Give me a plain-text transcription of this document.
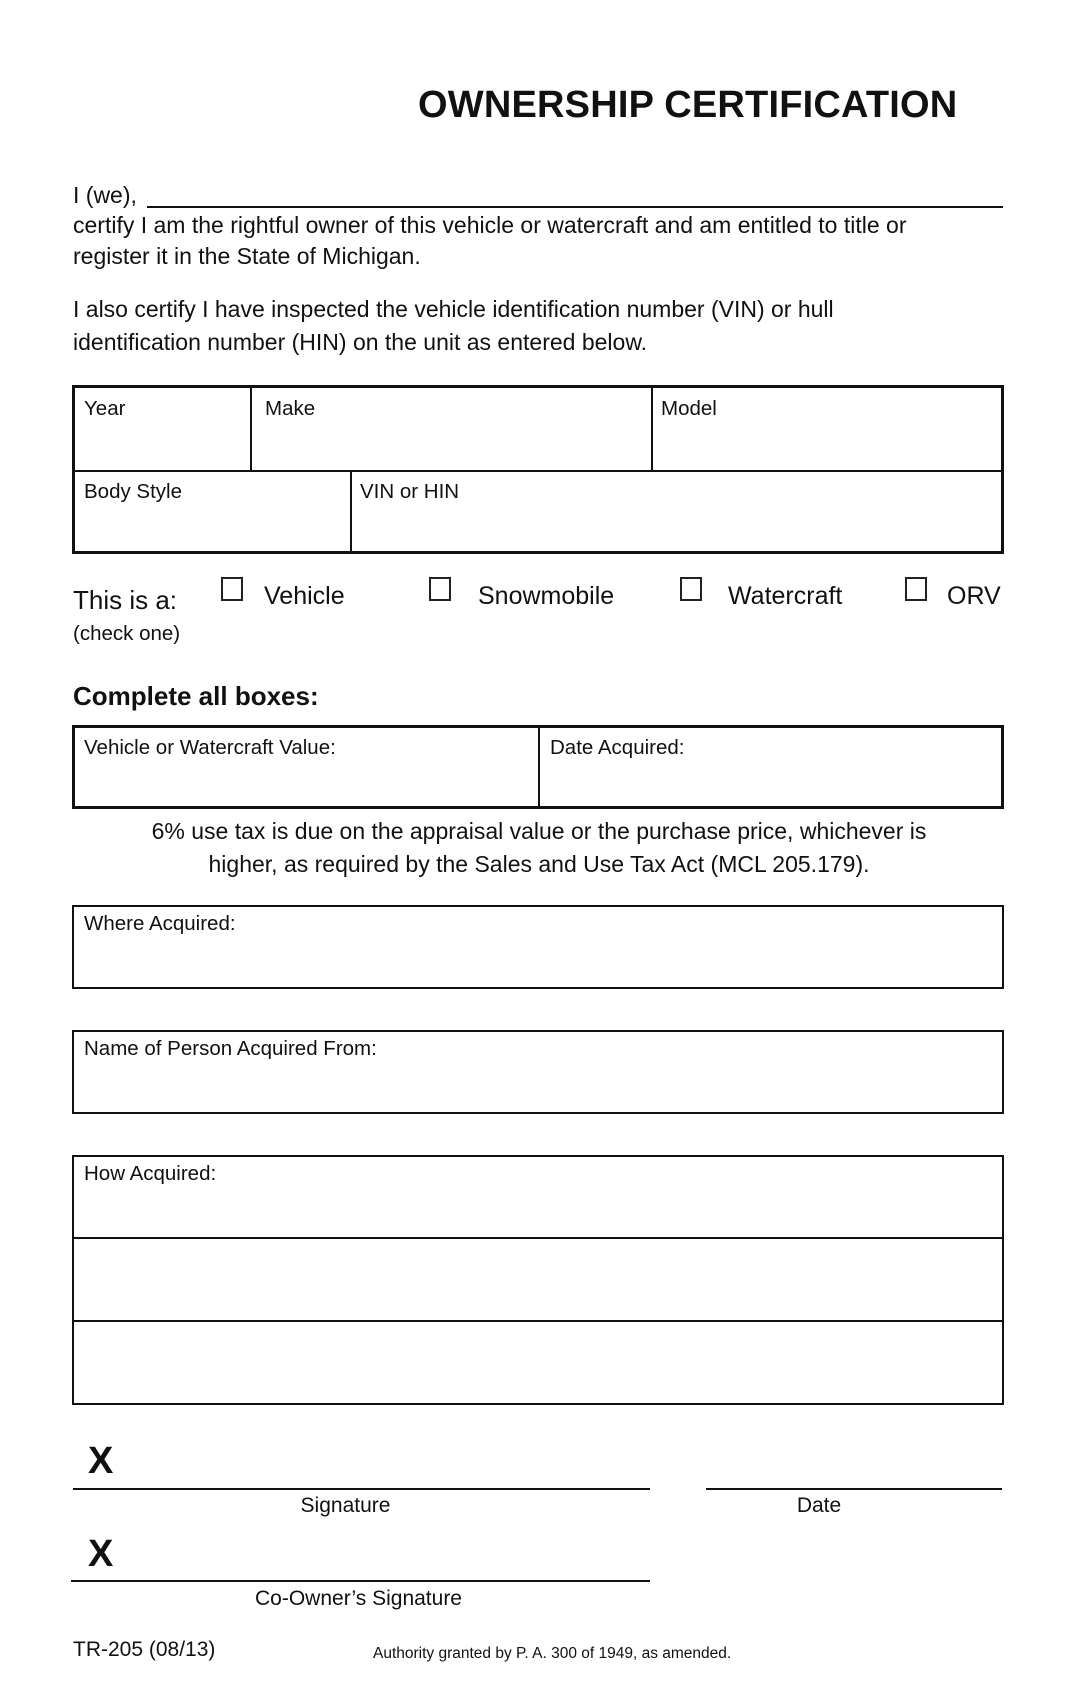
OWNERSHIP CERTIFICATION
I (we),
certify I am the rightful owner of this vehicle or watercraft and am entitled to title or
register it in the State of Michigan.
I also certify I have inspected the vehicle identification number (VIN) or hull
identification number (HIN) on the unit as entered below.
Year	Make	Model
Body Style	VIN or HIN
This is a:
(check one)
Vehicle	Snowmobile	Watercraft	ORV
Complete all boxes:
Vehicle or Watercraft Value:	Date Acquired:
6% use tax is due on the appraisal value or the purchase price, whichever is
higher, as required by the Sales and Use Tax Act (MCL 205.179).
Where Acquired:
Name of Person Acquired From:
How Acquired:
X
Signature	Date
X
Co-Owner’s Signature
TR-205 (08/13)	Authority granted by P. A. 300 of 1949, as amended.
